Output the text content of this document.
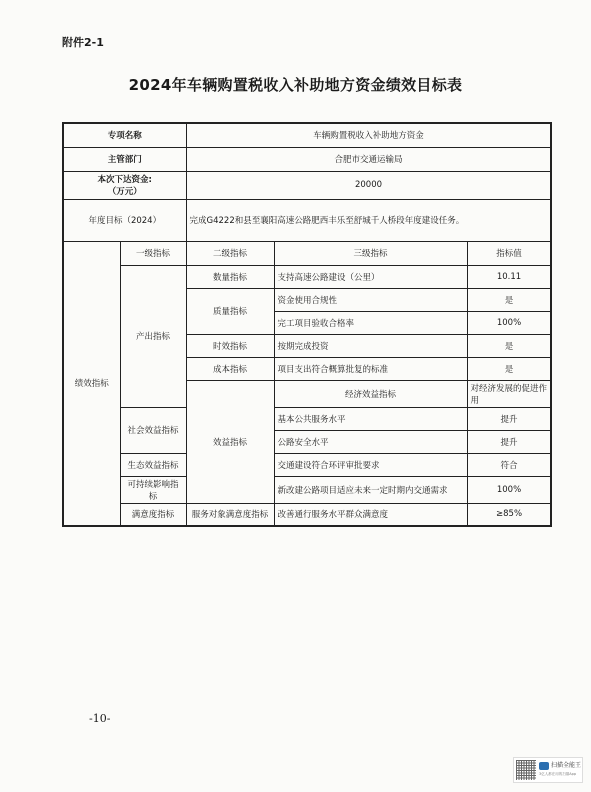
附件2-1
2024年车辆购置税收入补助地方资金绩效目标表
专项名称		车辆购置税收入补助地方资金			
主管部门		合肥市交通运输局			

本次下达资金:
（万元）		20000			
年度目标（2024）		完成G4222和县至襄阳高速公路肥西丰乐至舒城千人桥段年度建设任务。			
绩效指标	一级指标	二级指标	三级指标	指标值	
	产出指标	数量指标	支持高速公路建设（公里）	10.11	
		质量指标	资金使用合规性	是	
			完工项目验收合格率	100%	
		时效指标	按期完成投资	是	
		成本指标	项目支出符合概算批复的标准	是	
		效益指标	经济效益指标	对经济发展的促进作用	
	社会效益指标		基本公共服务水平	提升	
			公路安全水平	提升	
	生态效益指标		交通建设符合环评审批要求	符合	
	可持续影响指标		新改建公路项目适应未来一定时期内交通需求	100%	
	满意度指标	服务对象满意度指标	改善通行服务水平群众满意度	≥85%	
-10-
扫描全能王
3亿人都在用的扫描App
